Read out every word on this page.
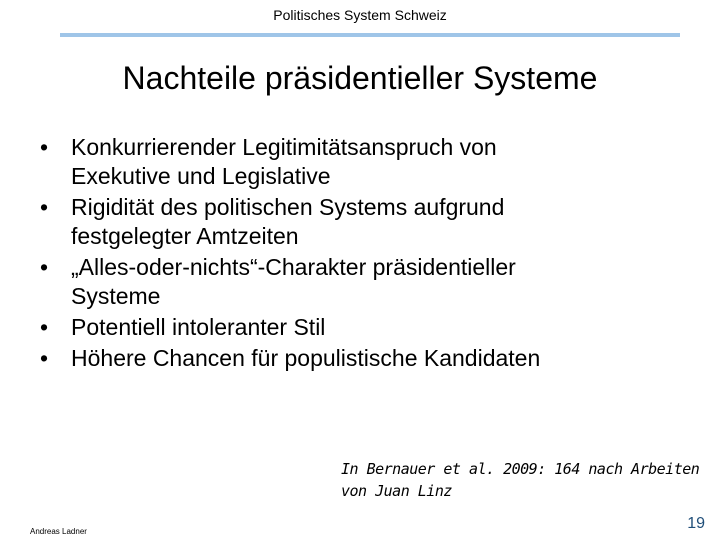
Politisches System Schweiz
Nachteile präsidentieller Systeme
• Konkurrierender Legitimitätsanspruch von
Exekutive und Legislative
• Rigidität des politischen Systems aufgrund
festgelegter Amtzeiten
• „Alles-oder-nichts“-Charakter präsidentieller
Systeme
• Potentiell intoleranter Stil
• Höhere Chancen für populistische Kandidaten
In Bernauer et al. 2009: 164 nach Arbeiten
von Juan Linz
Andreas Ladner	19
